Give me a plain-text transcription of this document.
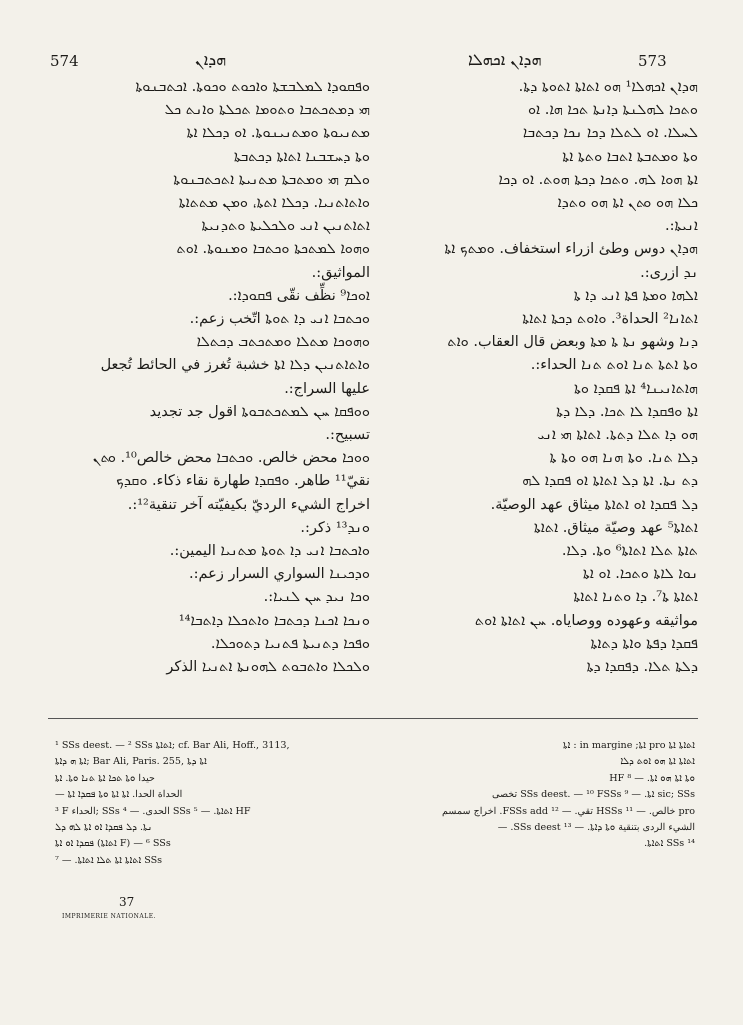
574	ܗܕܐܢ	ܗܕܐܢ ܐܟܗܠܐ	573

ܘܦܩܘܕܐ ܠܡܠܒܫܬܐ ܘܐܟܘܬ ܘܟܘܬܐ. ܐܟܬܒܢܘܬܐ

ܗܝ ܕܡܬܟܬܒܐ ܘܬܘܡܐ ܬܟܠܬܐ ܘܐܢܬ ܟܠ

ܡܬܢܝܘܬܐ ܘܡܬܢܝܢܘܬܐ. ܐܘ ܕܟܠܐ ܐܬܐ

ܘܬܐ ܕܚܫܒܢܐ ܐܬܐܬܐ ܕܟܬܒܬܐ

ܘܠܡ ܗܝ ܘܡܬܒܬܐ ܡܬܢܝܬܐ ܐܬܟܬܒܢܘܬܐ

ܘܐܬܐܬܢܝܐ. ܕܟܠܐ ܐܬܬܐ، ܘܡܢ ܡܬܬܐܬܐ

ܐܬܐܬܢܝܢ ܐܢܝ ܘܠܟܠܝܬܐ ܘܬܕܢܝܬܐ

ܘܗܘܐ ܠܡܬܟܬܐ ܘܟܬܒܐ ܘܡܢܘܬܐ. ܐܘܬ

المواثيق:.

ܐܘܟܐ⁹ نظِّف نقّى ܦܩܘܕܐ:.

ܘܟܬܒܐ ܐܢܝ ܕܐ ܬܘܬܐ اتّخب زعم:.

ܘܗܘܟܐ ܡܬܠܐ ܘܡܬܟܬܒ ܕܟܬܠܐ

ܘܐܬܐܬܢܝܢ ܕܠܐ ܐܬܐ خشبة تُغرز في الحائط تُجعل

عليها السراج:.

ܘܘܦܩܐ ܚܢ ܠܡܬܟܬܒܘܬܐ اقول جد تجديد

تسبيح:.

ܘܘܟܐ محض خالص. ܘܟܬܒܐ محض خالص¹⁰. ܘܬܢ

نقيّ¹¹ طاهر. ܘܦܩܕܐ طهارة نقاء ذكاء. ܘܩܕܟ

اخراج الشيء الرديّ بكيفيّته آخر تنقية¹²:.

ܘܢܕ¹³ ذكر:.

ܘܐܟܬܒܐ ܐܢܝ ܕܐ ܬܘܬܐ ܡܬܢܝܐ اليمين:.

ܘܕܟܝܢܐ السواري السرار زعم:.

ܘܟܐ ܢܝܕ ܚܢ ܠܢܝܐ:.

ܘܢܟܐ ܐܟܢܐ ܕܟܬܒܐ ܘܐܬܟܠܐ ܕܐܬܒܐ¹⁴

ܘܦܟܐ ܕܬܢܝܬܐ ܦܬܢܝܐ ܕܬܘܟܠܐ.

ܘܠܟܠܐ ܘܐܬܒܘܬ ܠܗܘܢܬܐ ܐܬܢܝܐ الذكر

ܗܕܐܢ ܐܟܗܠܐ¹ ܗܘ ܐܬܐܬܐ ܐܬܘܬܐ ܕܬܐ.

ܘܬܟܐ ܠܗܠܢܬܐ ܕܐܢܬܐ ܬܟܐ ܗܐ. ܐܘ

ܠܚܠܐ. ܐܘ ܠܬܠܐ ܕܟܐ ܢܟܐ ܕܟܬܒܐ

ܘܬܐ ܘܡܬܒܬܐ ܐܬܒܐ ܘܬܬܐ ܐܬܐ

ܐܬܐ ܗܘܐ ܠܗ. ܘܬܟܐ ܕܟܬܐ ܗܘܬ. ܐܘ ܕܟܐ

ܟܠܐ ܗܘ ܘܬܢ ܐܬܐ ܗܘ ܘܬܕܐ

ܐܢܝܬܐ:.

ܗܕܐܢ دوس وطئ ازراء استخفاف. ܘܡܬܟ ܐܬܐ

ܢܕ ازرى:.

ܐܠܗܐ ܘܡܬܐ ܦܬܐ ܐܢܝ ܕܐ ܬܐ

ܐܬܐܢܐ² الحداة³. ܘܐܘܬ ܕܟܬܐ ܐܬܐܬܐ

ܕܢܐ وشهو ܢܬܐ ܬܐ ܡܬܐ وبعض قال العقاب. ܘܐܬ

ܘܬܐ ܐܬܬܐ ܬܢܐ ܐܘܬ ܬܢܐ الحداء:.

ܗܐܬܐܢܝܢܐ⁴ ܐܬܐ ܦܩܕܐ ܘܬܐ

ܐܬܐ ܘܦܩܕܐ ܠܐ ܬܟܐ. ܕܠܐ ܕܬܐ

ܗܘ ܕܐ ܬܠܐ ܕܬܬܐ. ܐܬܐܬܐ ܗܝ ܐܢܝ

ܕܠܐ ܬܢܐ. ܘܬܐ ܗܢܐ ܗܘ ܘܬܐ ܬܐ

ܕܬ ܢܬܐ. ܐܬܐ ܕܠ ܐܬܐܬܐ ܐܘ ܦܩܕܐ ܠܗ

ܕܠ ܦܩܕܐ ܐܘ ܐܬܐܬܐ ميثاق عهد الوصيّة.

ܐܬܐܬܐ⁵ عهد وصيّة ميثاق. ܐܬܐܬܐ

ܬܐܬܐ ܬܠܐ ܐܬܐܬܐ⁶ ܘܬܐ. ܕܠܐ.

ܢܘܐ ܠܐܬܐ ܘܬܟܐ. ܐܘ ܐܬܐ

ܐܬܐܬܐ ܬܐ⁷. ܕܐ ܘܬܢܐ ܐܬܐܬܐ

مواثيقه وعهوده ووصاياه. ܚܢ ܐܬܐܬܐ ܐܘܬ

ܦܩܕܐ ܕܦܬܐ ܘܐܬܐ ܕܬܐܬܐ

ܕܠܬܐ ܬܠܐ. ܕܦܩܕܐ ܕܬܐ

¹ SSs deest. — ² SSs ܐܬܐܬܐ; cf. Bar Ali, Hoff., 3113,

ܐܬܐ ܗ ܕܐܬܐ; Bar Ali, Paris. 255, ܐܬܐ ܕܬܐ

حيدا ܘܬܐ ܬܟܐ ܐܬܐ ܬܢܐ ܘܬܐ. ܐܬܐ

— الحداة الحدا. ܐܬܐ ܐܬܐ ܘܬܐ ܦܩܕܐ ܐܬܐ

³ F الحداء; SSs الحدى. — ⁴ SSs ܐܬܐܬܐ. — ⁵ HF

ܢܬܐ. ܕܠ ܦܩܕܐ ܐܘ ܐܬܐ ܠܗ ܕܠ

ܦܩܕܐ ܐܘ ܐܬܐ (ܐܬܐܬܐ F) — ⁶ SSs

ܐܬܐܬܐ ܐܬܐ ܬܠܐ ܐܬܐܬܐ. — ⁷ SSs

ܐܬܐܬܐ ܐܬܐ pro ܐܬܐ; in margine : ܐܬܐ

ܐܬܐܬܐ ܐܬܐ ܗܘ ܐܘܬ ܕܠܐ

ܘܬܐ ܐܬܐ ܗܘ ܐܬܐ. — ⁸ HF

sic; SSs ܐܬܐ. — ⁹ SSs deest. — ¹⁰ FSSs تخصى

pro خالص. — ¹¹ HSSs تقي. — ¹² FSSs add. اخراج سمسم

الشيء الردى بتنقية ܘܬܐ ܕܐܬܐ. — ¹³ SSs deest. —

¹⁴ SSs ܐܬܐܬܐ.

37
IMPRIMERIE NATIONALE.
